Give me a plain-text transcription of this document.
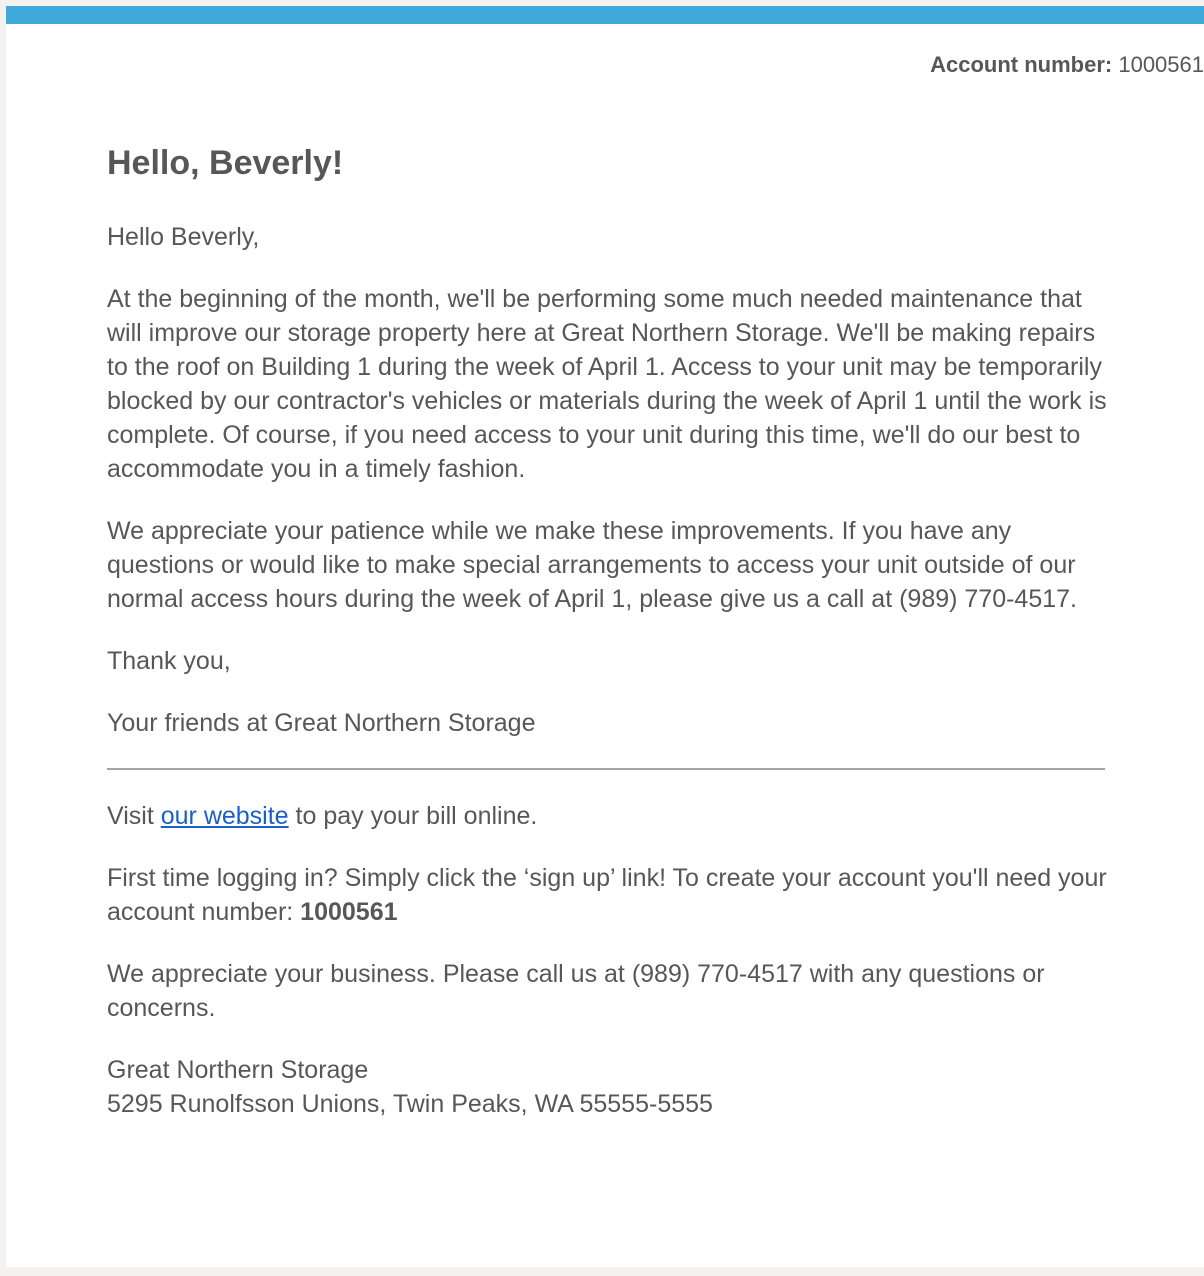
Account number: 1000561
Hello, Beverly!

Hello Beverly,

At the beginning of the month, we'll be performing some much needed maintenance that will improve our storage property here at Great Northern Storage. We'll be making repairs to the roof on Building 1 during the week of April 1. Access to your unit may be temporarily blocked by our contractor's vehicles or materials during the week of April 1 until the work is complete. Of course, if you need access to your unit during this time, we'll do our best to accommodate you in a timely fashion.

We appreciate your patience while we make these improvements. If you have any questions or would like to make special arrangements to access your unit outside of our normal access hours during the week of April 1, please give us a call at (989) 770-4517.

Thank you,

Your friends at Great Northern Storage

Visit our website to pay your bill online.

First time logging in? Simply click the ‘sign up’ link! To create your account you'll need your account number: 1000561

We appreciate your business. Please call us at (989) 770-4517 with any questions or concerns.

Great Northern Storage

5295 Runolfsson Unions, Twin Peaks, WA 55555-5555
